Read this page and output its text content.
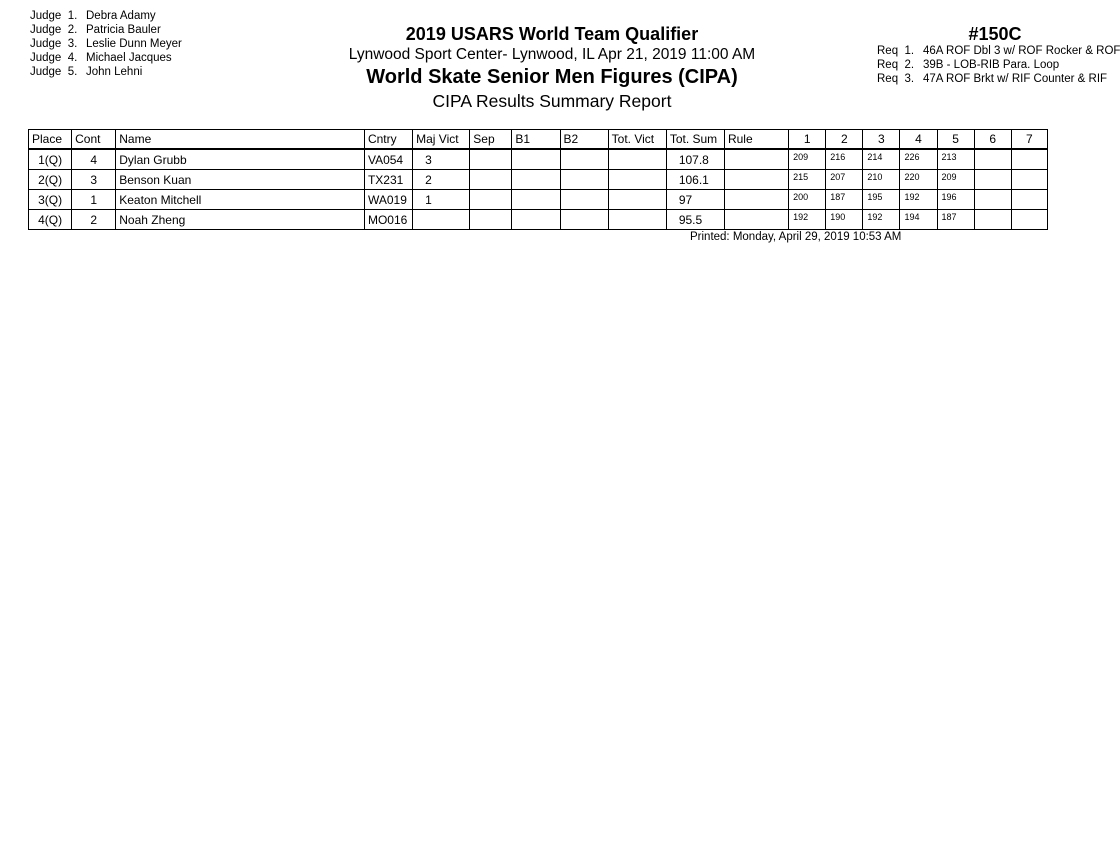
Judge 1. Debra Adamy
Judge 2. Patricia Bauler
Judge 3. Leslie Dunn Meyer
Judge 4. Michael Jacques
Judge 5. John Lehni
2019 USARS World Team Qualifier
Lynwood Sport Center- Lynwood, IL Apr 21, 2019 11:00 AM
World Skate Senior Men Figures (CIPA)
CIPA Results Summary Report
#150C
Req 1. 46A ROF Dbl 3 w/ ROF Rocker & ROF
Req 2. 39B - LOB-RIB Para. Loop
Req 3. 47A ROF Brkt w/ RIF Counter & RIF
Place	Cont	Name	Cntry	Maj Vict	Sep	B1	B2	Tot. Vict	Tot. Sum	Rule	1	2	3	4	5	6	7
1(Q)	4	Dylan Grubb	VA054	3					107.8		209	216	214	226	213		
2(Q)	3	Benson Kuan	TX231	2					106.1		215	207	210	220	209		
3(Q)	1	Keaton Mitchell	WA019	1					97		200	187	195	192	196		
4(Q)	2	Noah Zheng	MO016						95.5		192	190	192	194	187		
Printed: Monday, April 29, 2019 10:53 AM
